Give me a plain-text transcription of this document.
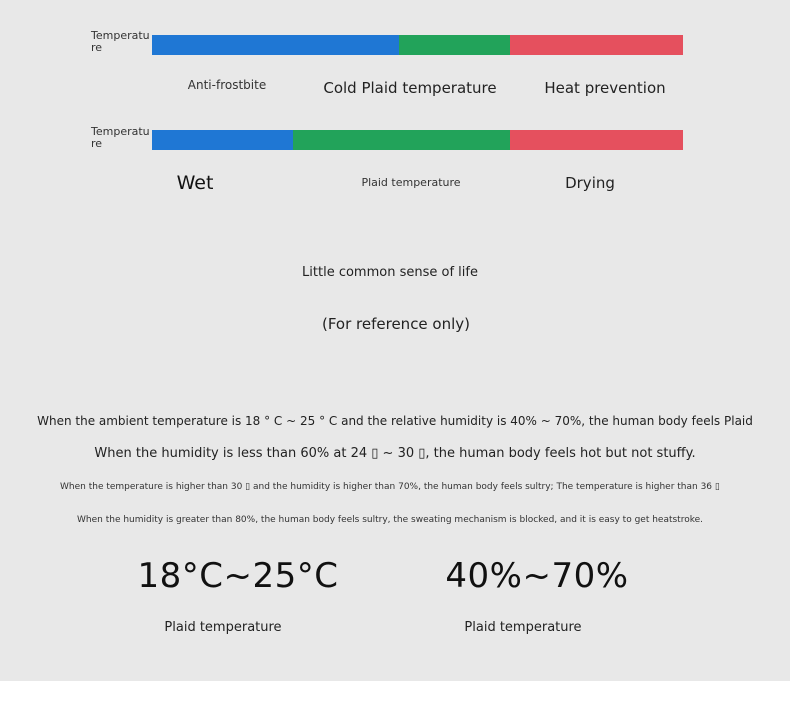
Temperature
Anti-frostbite	Cold Plaid temperature	Heat prevention
Temperature
Wet	Plaid temperature	Drying
Little common sense of life
(For reference only)
When the ambient temperature is 18 ° C ~ 25 ° C and the relative humidity is 40% ~ 70%, the human body feels Plaid
When the humidity is less than 60% at 24 ▯ ~ 30 ▯, the human body feels hot but not stuffy.
When the temperature is higher than 30 ▯ and the humidity is higher than 70%, the human body feels sultry; The temperature is higher than 36 ▯
When the humidity is greater than 80%, the human body feels sultry, the sweating mechanism is blocked, and it is easy to get heatstroke.
18°C~25°C
Plaid temperature
40%~70%
Plaid temperature
